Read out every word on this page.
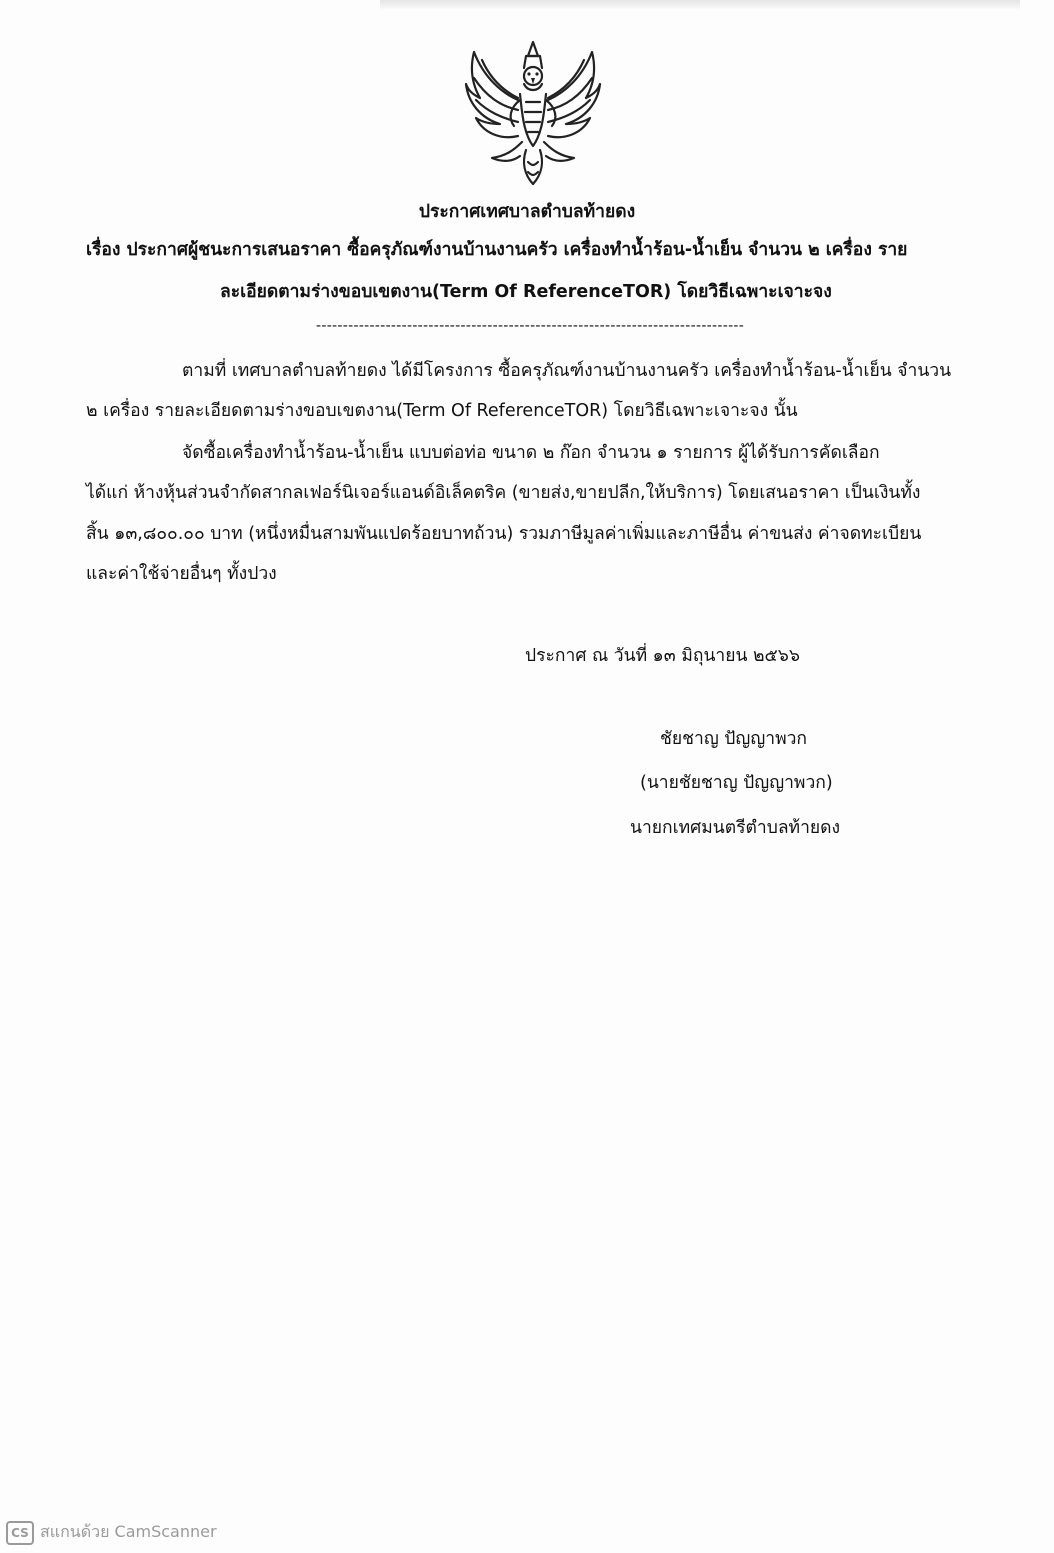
ประกาศเทศบาลตำบลท้ายดง
เรื่อง ประกาศผู้ชนะการเสนอราคา ซื้อครุภัณฑ์งานบ้านงานครัว เครื่องทำน้ำร้อน-น้ำเย็น จำนวน ๒ เครื่อง ราย
ละเอียดตามร่างขอบเขตงาน(Term Of ReferenceTOR) โดยวิธีเฉพาะเจาะจง
--------------------------------------------------------------------------------
ตามที่ เทศบาลตำบลท้ายดง ได้มีโครงการ ซื้อครุภัณฑ์งานบ้านงานครัว เครื่องทำน้ำร้อน-น้ำเย็น จำนวน
๒ เครื่อง รายละเอียดตามร่างขอบเขตงาน(Term Of ReferenceTOR) โดยวิธีเฉพาะเจาะจง นั้น
จัดซื้อเครื่องทำน้ำร้อน-น้ำเย็น แบบต่อท่อ ขนาด ๒ ก๊อก จำนวน ๑ รายการ ผู้ได้รับการคัดเลือก
ได้แก่ ห้างหุ้นส่วนจำกัดสากลเฟอร์นิเจอร์แอนด์อิเล็คตริค (ขายส่ง,ขายปลีก,ให้บริการ) โดยเสนอราคา เป็นเงินทั้ง
สิ้น ๑๓,๘๐๐.๐๐ บาท (หนึ่งหมื่นสามพันแปดร้อยบาทถ้วน) รวมภาษีมูลค่าเพิ่มและภาษีอื่น ค่าขนส่ง ค่าจดทะเบียน
และค่าใช้จ่ายอื่นๆ ทั้งปวง
ประกาศ ณ วันที่ ๑๓ มิถุนายน ๒๕๖๖
ชัยชาญ ปัญญาพวก
(นายชัยชาญ ปัญญาพวก)
นายกเทศมนตรีตำบลท้ายดง
CS สแกนด้วย CamScanner
